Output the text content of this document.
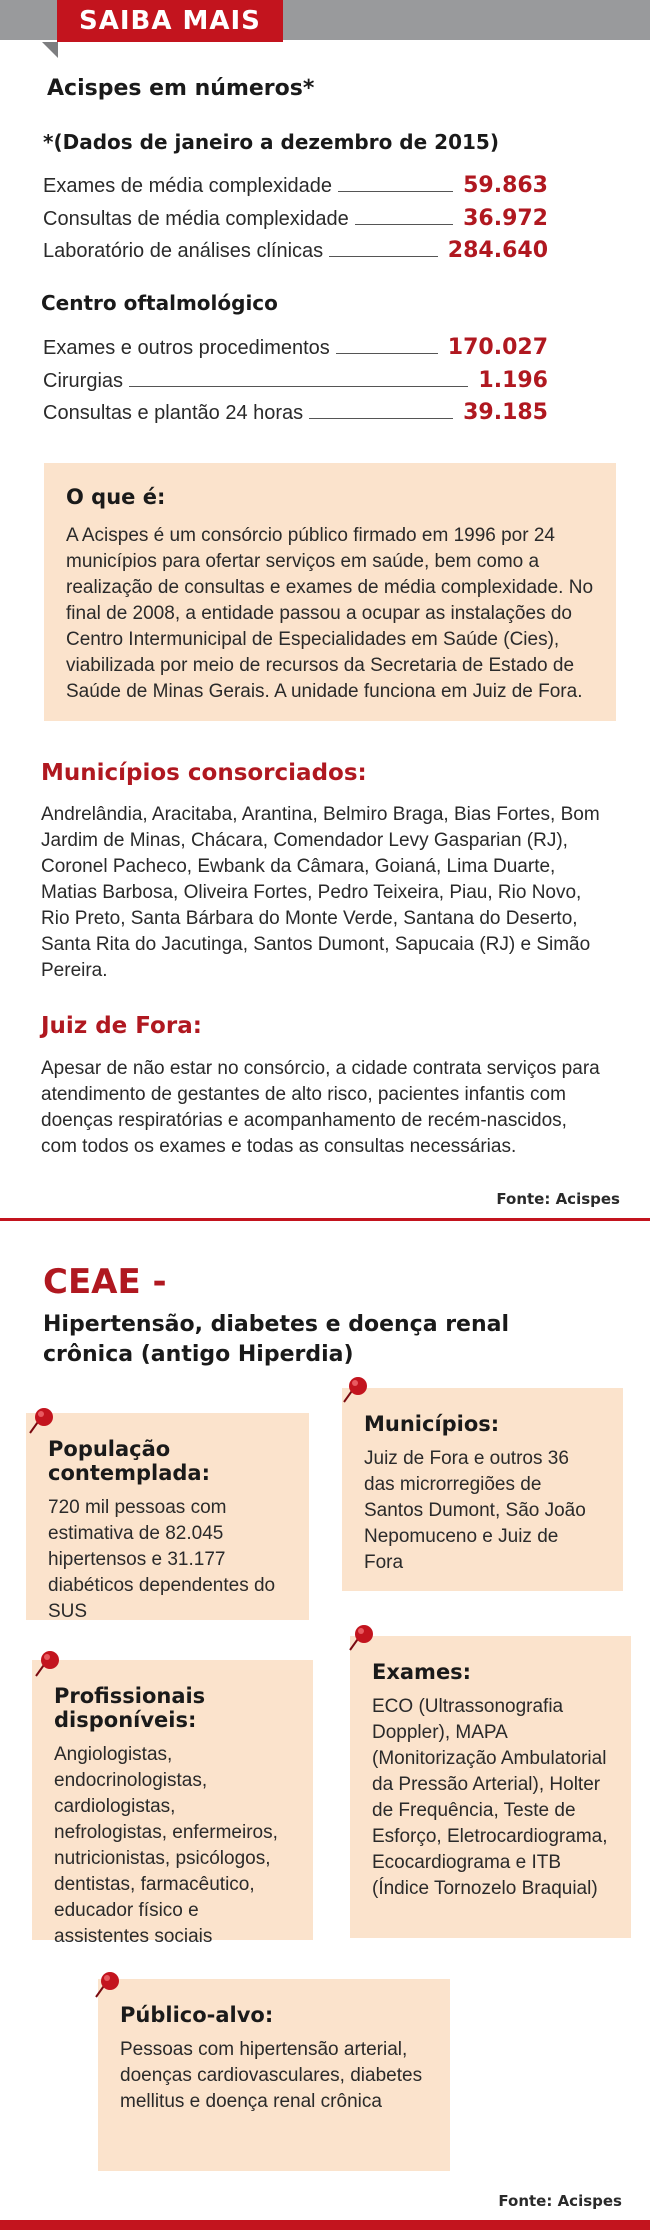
SAIBA MAIS
Acispes em números*
*(Dados de janeiro a dezembro de 2015)
Exames de média complexidade	59.863
Consultas de média complexidade	36.972
Laboratório de análises clínicas	284.640
Centro oftalmológico
Exames e outros procedimentos	170.027
Cirurgias	1.196
Consultas e plantão 24 horas	39.185
O que é:
A Acispes é um consórcio público firmado em 1996 por 24 municípios para ofertar serviços em saúde, bem como a realização de consultas e exames de média complexidade. No final de 2008, a entidade passou a ocupar as instalações do Centro Intermunicipal de Especialidades em Saúde (Cies), viabilizada por meio de recursos da Secretaria de Estado de Saúde de Minas Gerais. A unidade funciona em Juiz de Fora.
Municípios consorciados:
Andrelândia, Aracitaba, Arantina, Belmiro Braga, Bias Fortes, Bom Jardim de Minas, Chácara, Comendador Levy Gasparian (RJ), Coronel Pacheco, Ewbank da Câmara, Goianá, Lima Duarte, Matias Barbosa, Oliveira Fortes, Pedro Teixeira, Piau, Rio Novo, Rio Preto, Santa Bárbara do Monte Verde, Santana do Deserto, Santa Rita do Jacutinga, Santos Dumont, Sapucaia (RJ) e Simão Pereira.
Juiz de Fora:
Apesar de não estar no consórcio, a cidade contrata serviços para atendimento de gestantes de alto risco, pacientes infantis com doenças respiratórias e acompanhamento de recém-nascidos, com todos os exames e todas as consultas necessárias.
Fonte: Acispes
CEAE -
Hipertensão, diabetes e doença renal crônica (antigo Hiperdia)
População contemplada:
720 mil pessoas com estimativa de 82.045 hipertensos e 31.177 diabéticos dependentes do SUS
Municípios:
Juiz de Fora e outros 36 das microrregiões de Santos Dumont, São João Nepomuceno e Juiz de Fora
Profissionais disponíveis:
Angiologistas, endocrinologistas, cardiologistas, nefrologistas, enfermeiros, nutricionistas, psicólogos, dentistas, farmacêutico, educador físico e assistentes sociais
Exames:
ECO (Ultrassonografia Doppler), MAPA (Monitorização Ambulatorial da Pressão Arterial), Holter de Frequência, Teste de Esforço, Eletrocardiograma, Ecocardiograma e ITB (Índice Tornozelo Braquial)
Público-alvo:
Pessoas com hipertensão arterial, doenças cardiovasculares, diabetes mellitus e doença renal crônica
Fonte: Acispes
